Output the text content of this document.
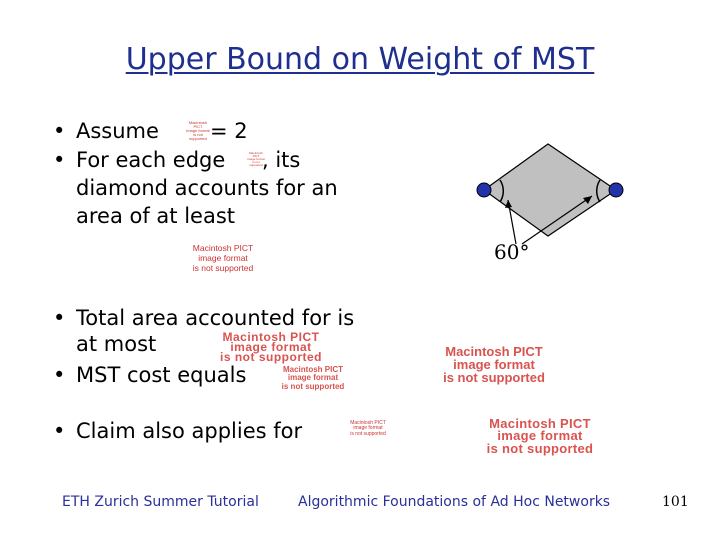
Upper Bound on Weight of MST
• Assume	Macintosh PICT
image format
is not supported = 2
• For each edge	Macintosh PICT
image format
is not supported , its
diamond accounts for an
area of at least
Macintosh PICT
image format
is not supported
60°
• Total area accounted for is
at most	Macintosh PICT
image format
is not supported	Macintosh PICT
image format
is not supported
• MST cost equals	Macintosh PICT
image format
is not supported
• Claim also applies for	Macintosh PICT
image format
is not supported
Macintosh PICT
image format
is not supported
ETH Zurich Summer Tutorial	Algorithmic Foundations of Ad Hoc Networks	101
